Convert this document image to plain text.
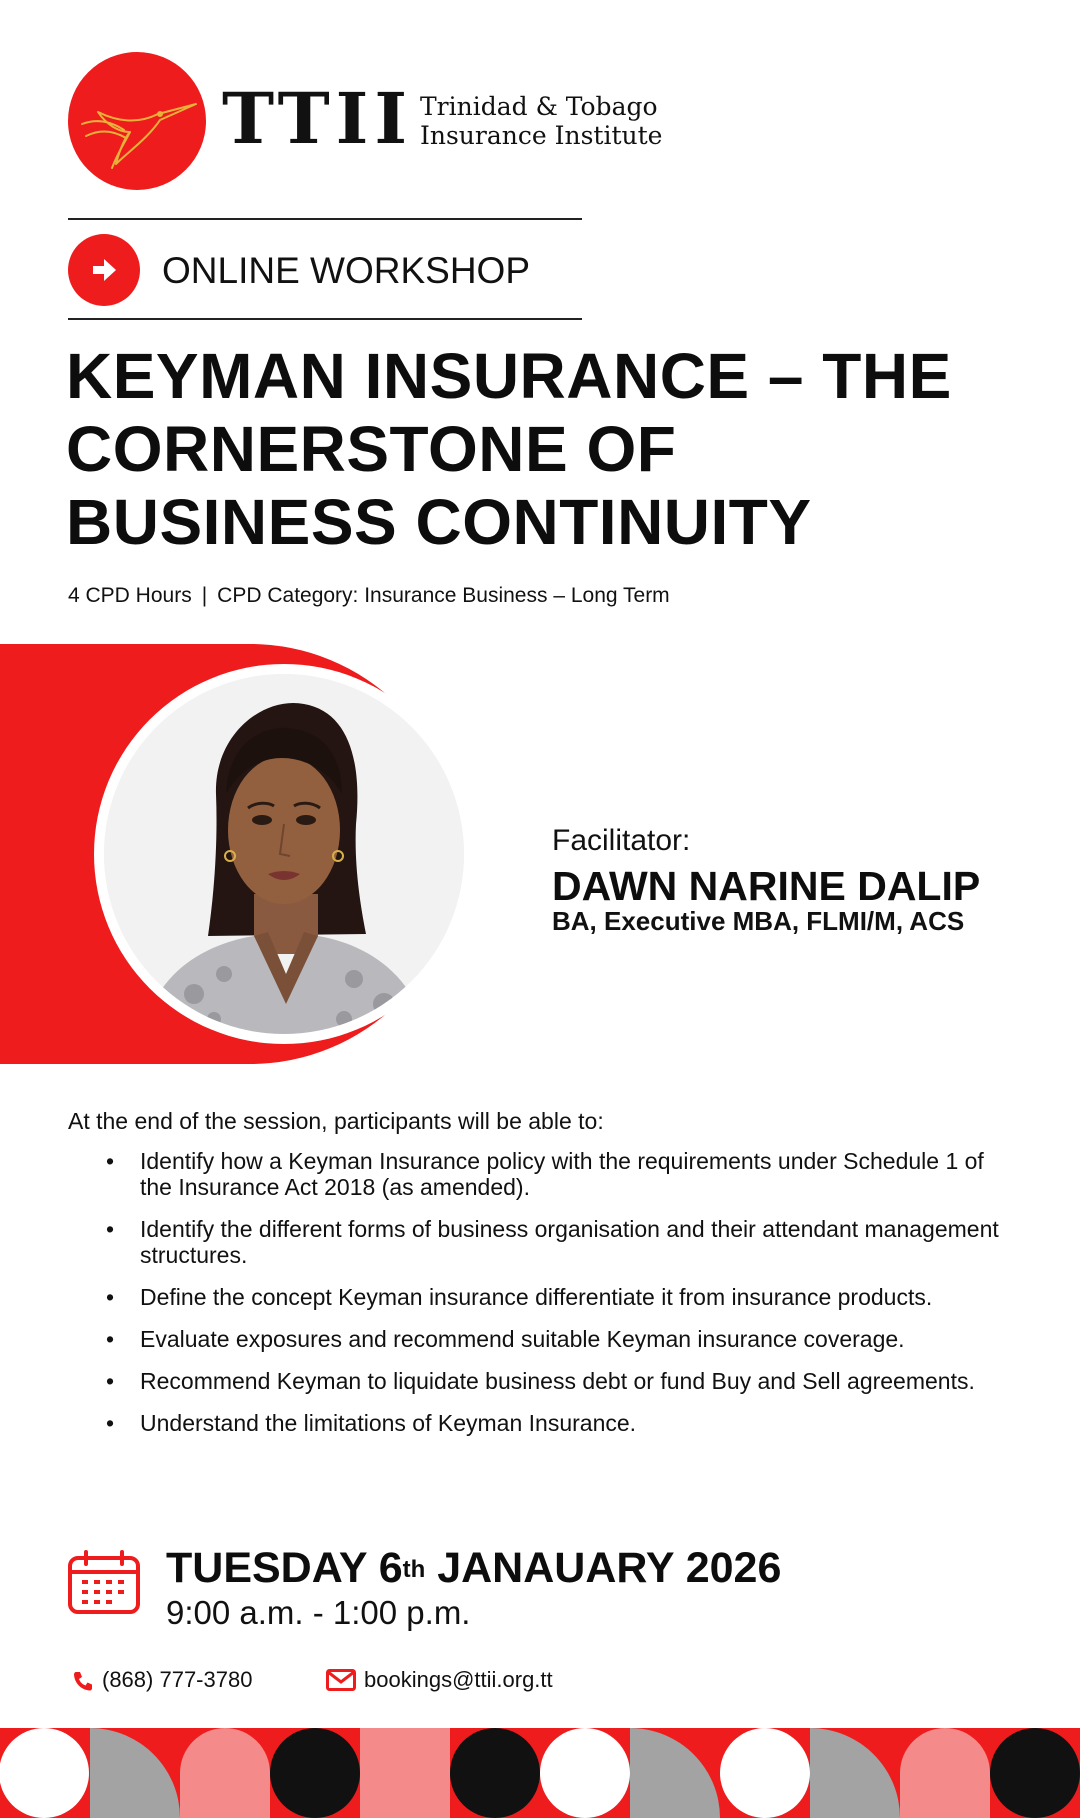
TTII Trinidad & Tobago
Insurance Institute
ONLINE WORKSHOP
KEYMAN INSURANCE – THE
CORNERSTONE OF
BUSINESS CONTINUITY
4 CPD Hours | CPD Category: Insurance Business – Long Term
Facilitator:
DAWN NARINE DALIP
BA, Executive MBA, FLMI/M, ACS
At the end of the session, participants will be able to:
• Identify how a Keyman Insurance policy with the requirements under Schedule 1 of the Insurance Act 2018 (as amended).
• Identify the different forms of business organisation and their attendant management structures.
• Define the concept Keyman insurance differentiate it from insurance products.
• Evaluate exposures and recommend suitable Keyman insurance coverage.
• Recommend Keyman to liquidate business debt or fund Buy and Sell agreements.
• Understand the limitations of Keyman Insurance.
TUESDAY 6th JANAUARY 2026
9:00 a.m. - 1:00 p.m.
(868) 777-3780	bookings@ttii.org.tt
